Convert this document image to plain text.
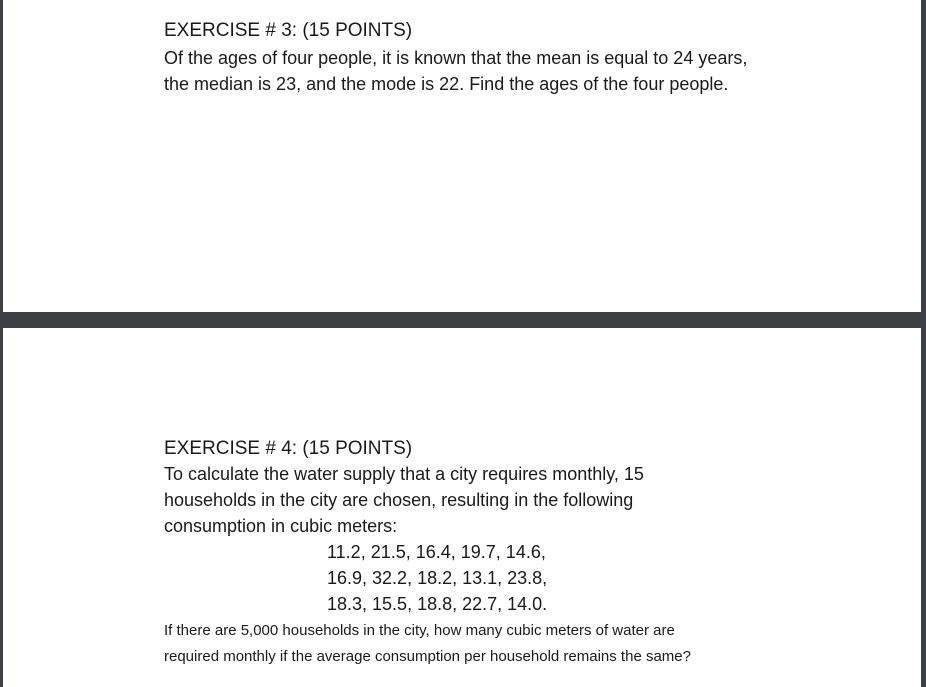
EXERCISE # 3: (15 POINTS)
Of the ages of four people, it is known that the mean is equal to 24 years,
the median is 23, and the mode is 22. Find the ages of the four people.
EXERCISE # 4: (15 POINTS)
To calculate the water supply that a city requires monthly, 15
households in the city are chosen, resulting in the following
consumption in cubic meters:
11.2, 21.5, 16.4, 19.7, 14.6,
16.9, 32.2, 18.2, 13.1, 23.8,
18.3, 15.5, 18.8, 22.7, 14.0.
If there are 5,000 households in the city, how many cubic meters of water are
required monthly if the average consumption per household remains the same?
